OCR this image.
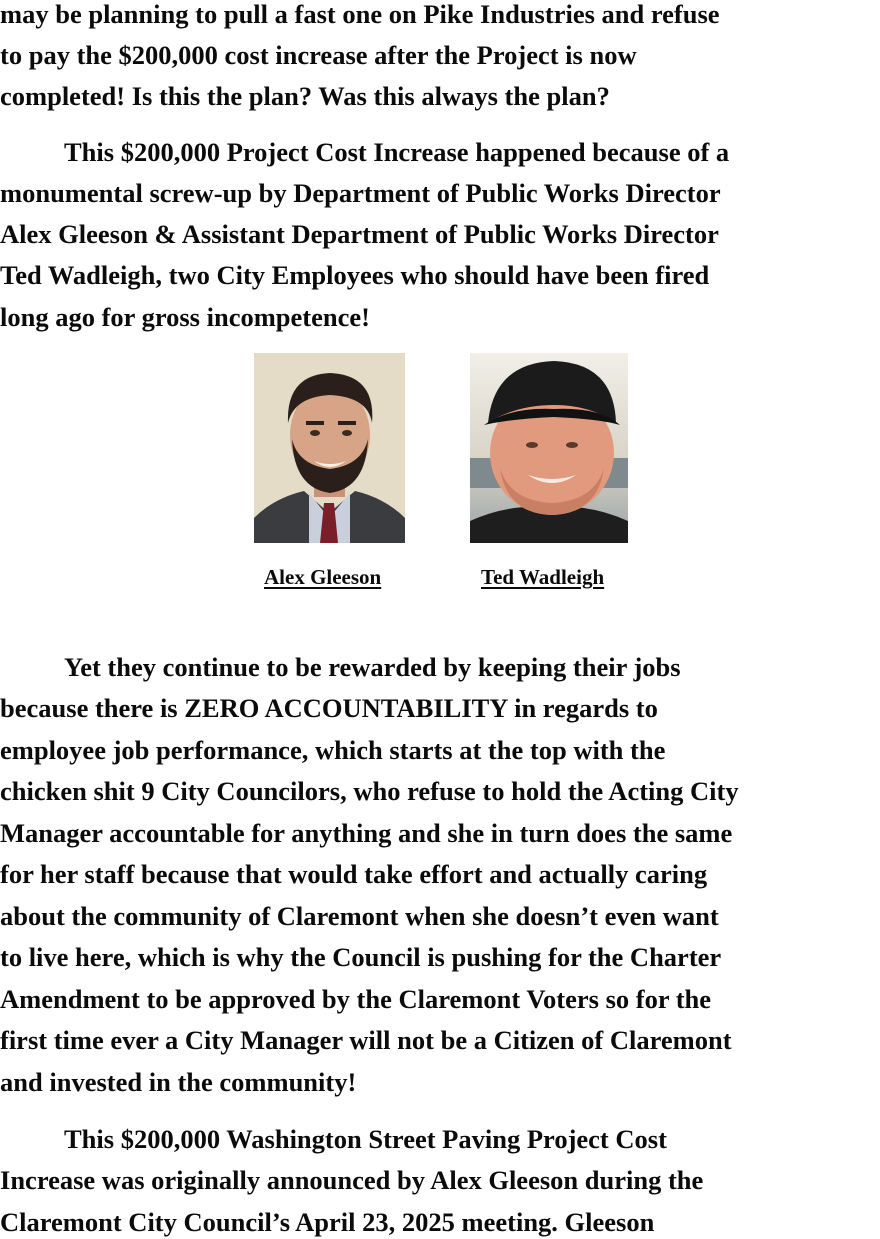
may be planning to pull a fast one on Pike Industries and refuse

to pay the $200,000 cost increase after the Project is now

completed! Is this the plan? Was this always the plan?

This $200,000 Project Cost Increase happened because of a

monumental screw-up by Department of Public Works Director

Alex Gleeson & Assistant Department of Public Works Director

Ted Wadleigh, two City Employees who should have been fired

long ago for gross incompetence!

Alex Gleeson	Ted Wadleigh

Yet they continue to be rewarded by keeping their jobs

because there is ZERO ACCOUNTABILITY in regards to

employee job performance, which starts at the top with the

chicken shit 9 City Councilors, who refuse to hold the Acting City

Manager accountable for anything and she in turn does the same

for her staff because that would take effort and actually caring

about the community of Claremont when she doesn’t even want

to live here, which is why the Council is pushing for the Charter

Amendment to be approved by the Claremont Voters so for the

first time ever a City Manager will not be a Citizen of Claremont

and invested in the community!

This $200,000 Washington Street Paving Project Cost

Increase was originally announced by Alex Gleeson during the

Claremont City Council’s April 23, 2025 meeting. Gleeson
